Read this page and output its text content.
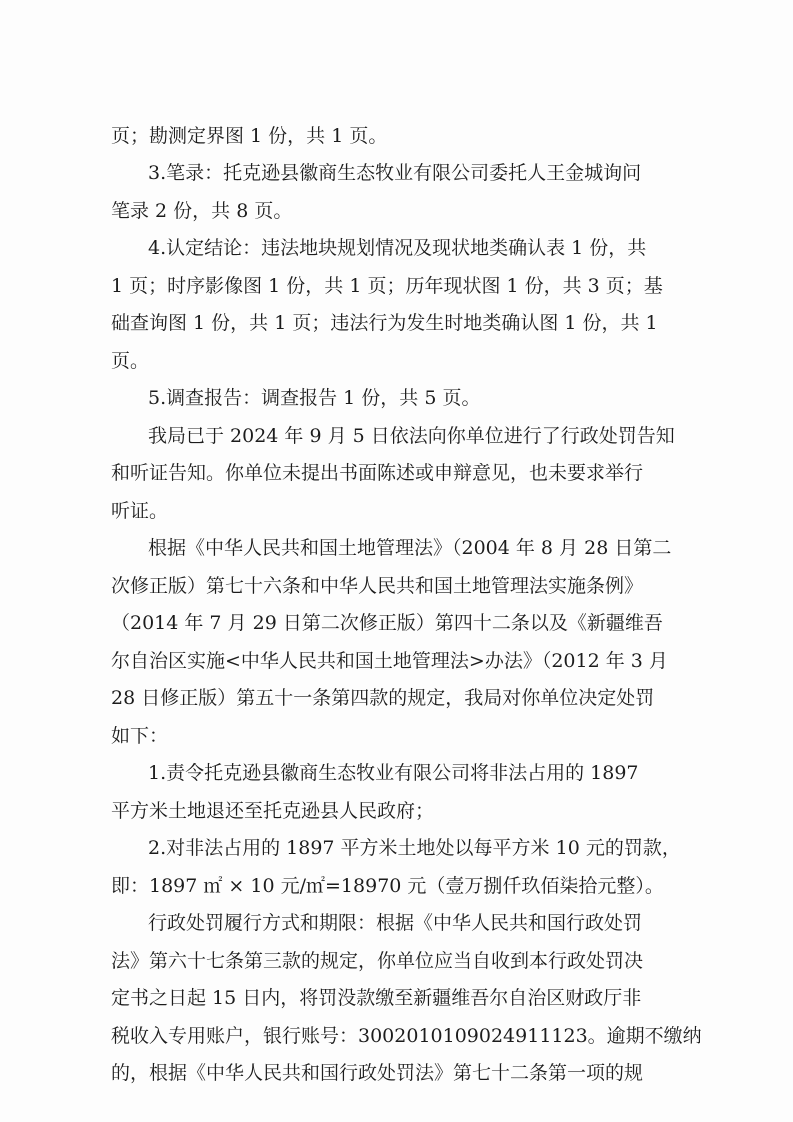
页；勘测定界图 1 份，共 1 页。
3.笔录：托克逊县徽商生态牧业有限公司委托人王金城询问
笔录 2 份，共 8 页。
4.认定结论：违法地块规划情况及现状地类确认表 1 份，共
1 页；时序影像图 1 份，共 1 页；历年现状图 1 份，共 3 页；基
础查询图 1 份，共 1 页；违法行为发生时地类确认图 1 份，共 1
页。
5.调查报告：调查报告 1 份，共 5 页。
我局已于 2024 年 9 月 5 日依法向你单位进行了行政处罚告知
和听证告知。你单位未提出书面陈述或申辩意见，也未要求举行
听证。
根据《中华人民共和国土地管理法》（2004 年 8 月 28 日第二
次修正版）第七十六条和中华人民共和国土地管理法实施条例》
（2014 年 7 月 29 日第二次修正版）第四十二条以及《新疆维吾
尔自治区实施<中华人民共和国土地管理法>办法》（2012 年 3 月
28 日修正版）第五十一条第四款的规定，我局对你单位决定处罚
如下：
1.责令托克逊县徽商生态牧业有限公司将非法占用的 1897
平方米土地退还至托克逊县人民政府；
2.对非法占用的 1897 平方米土地处以每平方米 10 元的罚款，
即：1897 ㎡ × 10 元/㎡=18970 元（壹万捌仟玖佰柒拾元整）。
行政处罚履行方式和期限：根据《中华人民共和国行政处罚
法》第六十七条第三款的规定，你单位应当自收到本行政处罚决
定书之日起 15 日内，将罚没款缴至新疆维吾尔自治区财政厅非
税收入专用账户，银行账号：3002010109024911123。逾期不缴纳
的，根据《中华人民共和国行政处罚法》第七十二条第一项的规
